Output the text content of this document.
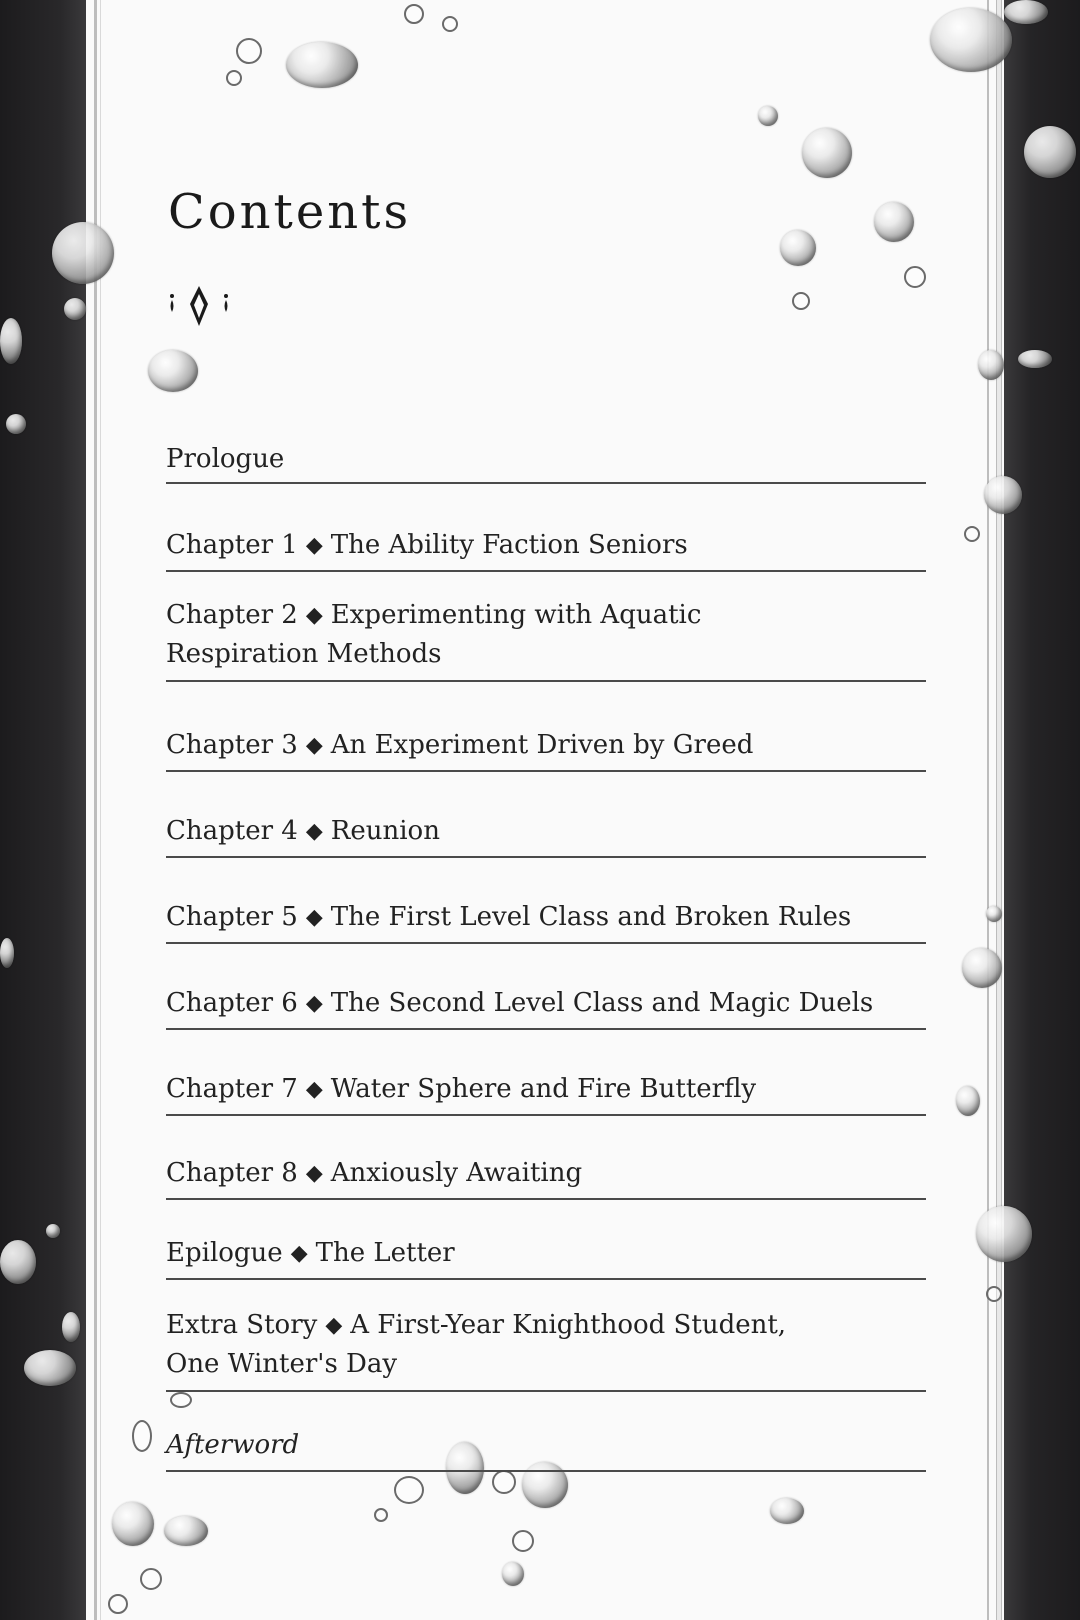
Contents
Prologue
Chapter 1 ◆ The Ability Faction Seniors
Chapter 2 ◆ Experimenting with Aquatic
Respiration Methods
Chapter 3 ◆ An Experiment Driven by Greed
Chapter 4 ◆ Reunion
Chapter 5 ◆ The First Level Class and Broken Rules
Chapter 6 ◆ The Second Level Class and Magic Duels
Chapter 7 ◆ Water Sphere and Fire Butterfly
Chapter 8 ◆ Anxiously Awaiting
Epilogue ◆ The Letter
Extra Story ◆ A First-Year Knighthood Student,
One Winter's Day
Afterword
